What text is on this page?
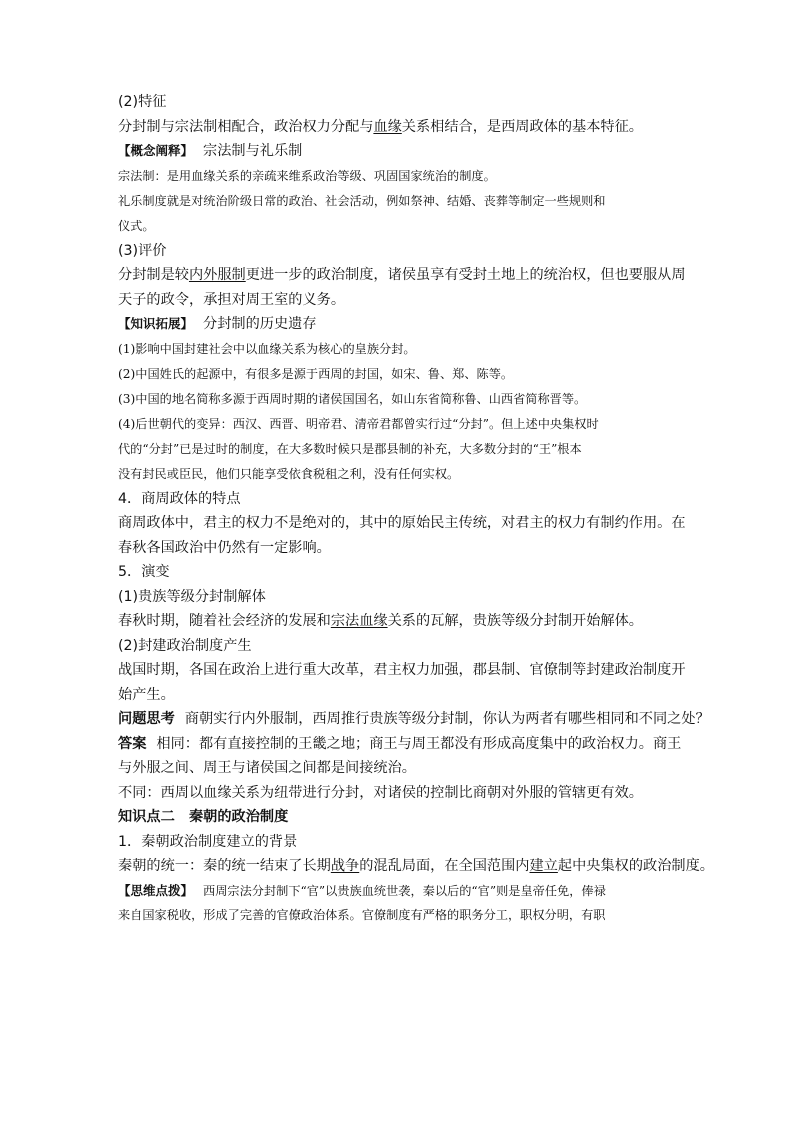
(2)特征
分封制与宗法制相配合，政治权力分配与血缘关系相结合，是西周政体的基本特征。
【概念阐释】 宗法制与礼乐制
宗法制：是用血缘关系的亲疏来维系政治等级、巩固国家统治的制度。
礼乐制度就是对统治阶级日常的政治、社会活动，例如祭神、结婚、丧葬等制定一些规则和
仪式。
(3)评价
分封制是较内外服制更进一步的政治制度，诸侯虽享有受封土地上的统治权，但也要服从周
天子的政令，承担对周王室的义务。
【知识拓展】 分封制的历史遗存
(1)影响中国封建社会中以血缘关系为核心的皇族分封。
(2)中国姓氏的起源中，有很多是源于西周的封国，如宋、鲁、郑、陈等。
(3)中国的地名简称多源于西周时期的诸侯国国名，如山东省简称鲁、山西省简称晋等。
(4)后世朝代的变异：西汉、西晋、明帝君、清帝君都曾实行过“分封”。但上述中央集权时
代的“分封”已是过时的制度，在大多数时候只是郡县制的补充，大多数分封的“王”根本
没有封民或臣民，他们只能享受依食税租之利，没有任何实权。
4．商周政体的特点
商周政体中，君主的权力不是绝对的，其中的原始民主传统，对君主的权力有制约作用。在
春秋各国政治中仍然有一定影响。
5．演变
(1)贵族等级分封制解体
春秋时期，随着社会经济的发展和宗法血缘关系的瓦解，贵族等级分封制开始解体。
(2)封建政治制度产生
战国时期，各国在政治上进行重大改革，君主权力加强，郡县制、官僚制等封建政治制度开
始产生。
问题思考 商朝实行内外服制，西周推行贵族等级分封制，你认为两者有哪些相同和不同之处？
答案 相同：都有直接控制的王畿之地；商王与周王都没有形成高度集中的政治权力。商王
与外服之间、周王与诸侯国之间都是间接统治。
不同：西周以血缘关系为纽带进行分封，对诸侯的控制比商朝对外服的管辖更有效。
知识点二　秦朝的政治制度
1．秦朝政治制度建立的背景
秦朝的统一：秦的统一结束了长期战争的混乱局面，在全国范围内建立起中央集权的政治制度。
【思维点拨】 西周宗法分封制下“官”以贵族血统世袭，秦以后的“官”则是皇帝任免，俸禄
来自国家税收，形成了完善的官僚政治体系。官僚制度有严格的职务分工，职权分明，有职
